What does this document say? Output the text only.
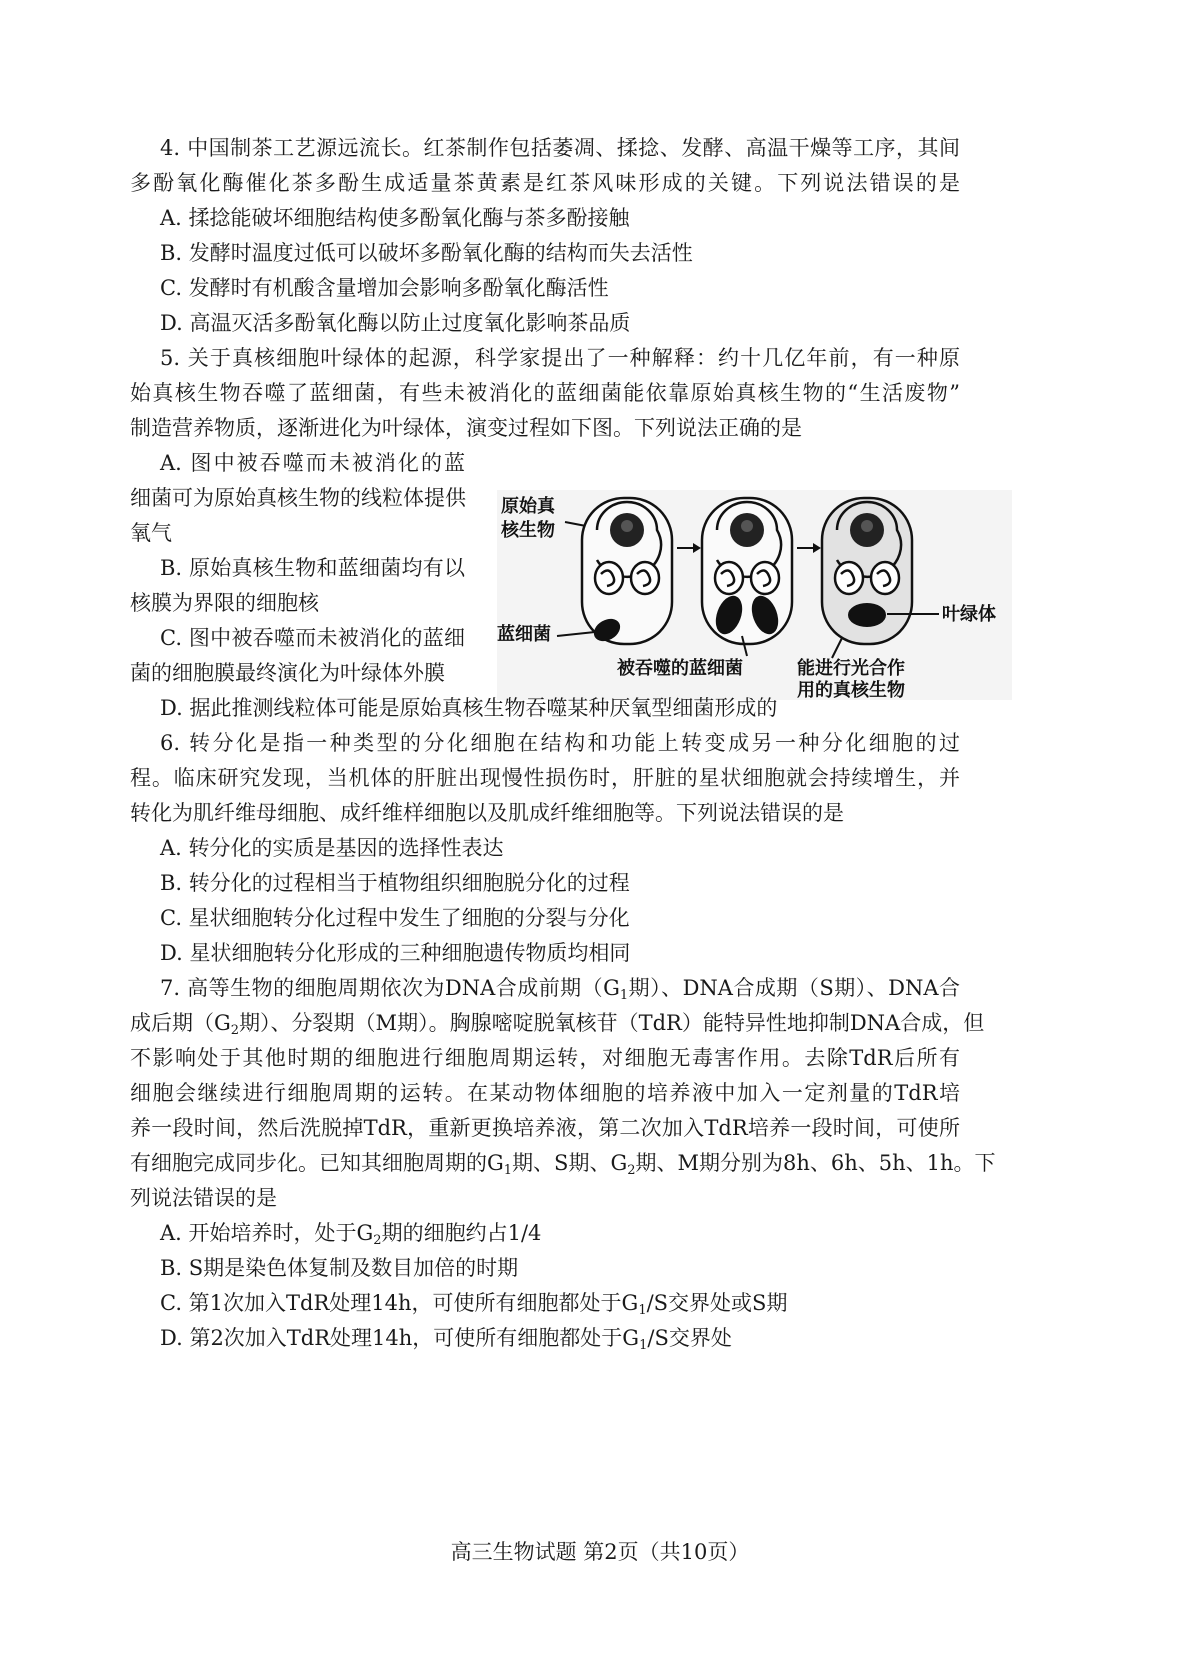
4. 中国制茶工艺源远流长。红茶制作包括萎凋、揉捻、发酵、高温干燥等工序，其间
多酚氧化酶催化茶多酚生成适量茶黄素是红茶风味形成的关键。下列说法错误的是
A. 揉捻能破坏细胞结构使多酚氧化酶与茶多酚接触
B. 发酵时温度过低可以破坏多酚氧化酶的结构而失去活性
C. 发酵时有机酸含量增加会影响多酚氧化酶活性
D. 高温灭活多酚氧化酶以防止过度氧化影响茶品质
5. 关于真核细胞叶绿体的起源，科学家提出了一种解释：约十几亿年前，有一种原
始真核生物吞噬了蓝细菌，有些未被消化的蓝细菌能依靠原始真核生物的“生活废物”
制造营养物质，逐渐进化为叶绿体，演变过程如下图。下列说法正确的是
A. 图中被吞噬而未被消化的蓝
细菌可为原始真核生物的线粒体提供
氧气
B. 原始真核生物和蓝细菌均有以
核膜为界限的细胞核
C. 图中被吞噬而未被消化的蓝细
菌的细胞膜最终演化为叶绿体外膜
原始真
核生物
蓝细菌
被吞噬的蓝细菌
叶绿体
能进行光合作
用的真核生物
D. 据此推测线粒体可能是原始真核生物吞噬某种厌氧型细菌形成的
6. 转分化是指一种类型的分化细胞在结构和功能上转变成另一种分化细胞的过
程。临床研究发现，当机体的肝脏出现慢性损伤时，肝脏的星状细胞就会持续增生，并
转化为肌纤维母细胞、成纤维样细胞以及肌成纤维细胞等。下列说法错误的是
A. 转分化的实质是基因的选择性表达
B. 转分化的过程相当于植物组织细胞脱分化的过程
C. 星状细胞转分化过程中发生了细胞的分裂与分化
D. 星状细胞转分化形成的三种细胞遗传物质均相同
7. 高等生物的细胞周期依次为DNA合成前期（$G_1$期）、DNA合成期（S期）、DNA合
成后期（$G_2$期）、分裂期（M期）。胸腺嘧啶脱氧核苷（TdR）能特异性地抑制DNA合成，但
不影响处于其他时期的细胞进行细胞周期运转，对细胞无毒害作用。去除TdR后所有
细胞会继续进行细胞周期的运转。在某动物体细胞的培养液中加入一定剂量的TdR培
养一段时间，然后洗脱掉TdR，重新更换培养液，第二次加入TdR培养一段时间，可使所
有细胞完成同步化。已知其细胞周期的$G_1$期、S期、$G_2$期、M期分别为8h、6h、5h、1h。下
列说法错误的是
A. 开始培养时，处于$G_2$期的细胞约占1/4
B. S期是染色体复制及数目加倍的时期
C. 第1次加入TdR处理14h，可使所有细胞都处于$G_1/S$交界处或S期
D. 第2次加入TdR处理14h，可使所有细胞都处于$G_1/S$交界处
高三生物试题 第2页（共10页）
